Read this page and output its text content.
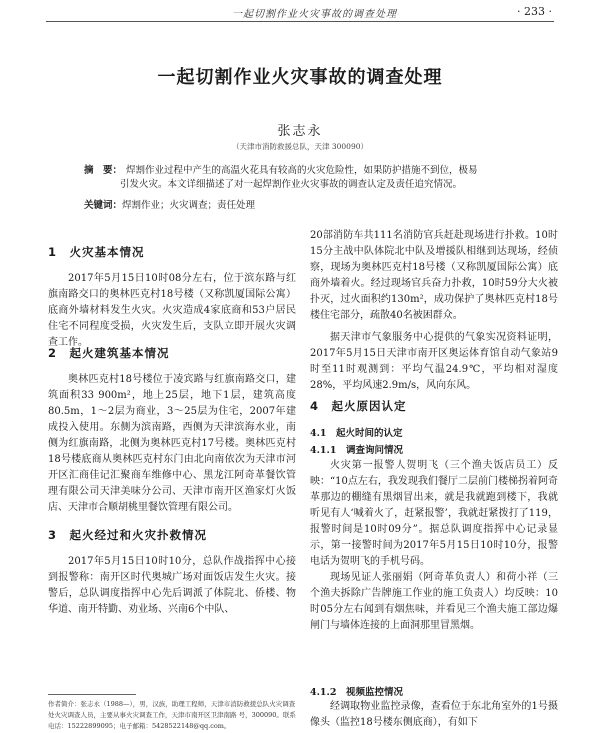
一起切割作业火灾事故的调查处理	· 233 ·
一起切割作业火灾事故的调查处理
张志永
（天津市消防救援总队，天津 300090）

摘　要： 焊割作业过程中产生的高温火花具有较高的火灾危险性，如果防护措施不到位，极易

引发火灾。本文详细描述了对一起焊割作业火灾事故的调查认定及责任追究情况。

关键词：焊割作业；火灾调查；责任处理
1　火灾基本情况

2017年5月15日10时08分左右，位于滨东路与红旗南路交口的奥林匹克村18号楼（又称凯厦国际公寓）底商外墙材料发生火灾。火灾造成4家底商和53户居民住宅不同程度受损，火灾发生后，支队立即开展火灾调查工作。

2　起火建筑基本情况

奥林匹克村18号楼位于凌宾路与红旗南路交口，建筑面积33 900m²，地上25层，地下1层，建筑高度80.5m，1～2层为商业，3～25层为住宅，2007年建成投入使用。东侧为滨南路，西侧为天津滨海水业，南侧为红旗南路，北侧为奥林匹克村17号楼。奥林匹克村18号楼底商从奥林匹克村东门由北向南依次为天津市河开区汇商佳记汇聚商车维修中心、黑龙江阿奇革餐饮管理有限公司天津美味分公司、天津市南开区渔家灯火饭店、天津市合顺胡桃里餐饮管理有限公司。

3　起火经过和火灾扑救情况

2017年5月15日10时10分，总队作战指挥中心接到报警称：南开区时代奥城广场对面饭店发生火灾。接警后，总队调度指挥中心先后调派了体院北、侨楼、物华道、南开特勤、劝业场、兴南6个中队、

作者简介：张志永（1988—），男，汉族，助理工程师，天津市消防救援总队火灾调查处火灾调查人员，主要从事火灾调查工作，天津市南开区卫津南路 号，300090。联系电话：15222899095；电子邮箱：5428522148@qq.com。

20部消防车共111名消防官兵赶赴现场进行扑救。10时15分主战中队体院北中队及增援队相继到达现场，经侦察，现场为奥林匹克村18号楼（又称凯厦国际公寓）底商外墙着火。经过现场官兵奋力扑救，10时59分大火被扑灭，过火面积约130m²，成功保护了奥林匹克村18号楼住宅部分，疏散40名被困群众。

据天津市气象服务中心提供的气象实况资料证明，2017年5月15日天津市南开区奥运体育馆自动气象站9时至11时观测到：平均气温24.9℃，平均相对湿度28%，平均风速2.9m/s，风向东风。

4　起火原因认定
4.1　起火时间的认定
4.1.1　调查询问情况

火灾第一报警人贺明飞（三个渔夫饭店员工）反映：“10点左右，我发现我们餐厅二层前门楼梯拐着阿奇革那边的棚缝有黑烟冒出来，就是我就跑到楼下，我就听见有人‘喊着火了，赶紧报警’，我就赶紧拨打了119，报警时间是10时09分”。据总队调度指挥中心记录显示，第一接警时间为2017年5月15日10时10分，报警电话为贺明飞的手机号码。

现场见证人张丽娟（阿奇革负责人）和荷小祥（三个渔夫拆除广告牌施工作业的施工负责人）均反映：10时05分左右闻到有烟焦味，并看见三个渔夫施工部边爆闸门与墙体连接的上面洞那里冒黑烟。

4.1.2　视频监控情况

经调取物业监控录像，查看位于东北角室外的1号摄像头（监控18号楼东侧底商），有如下
